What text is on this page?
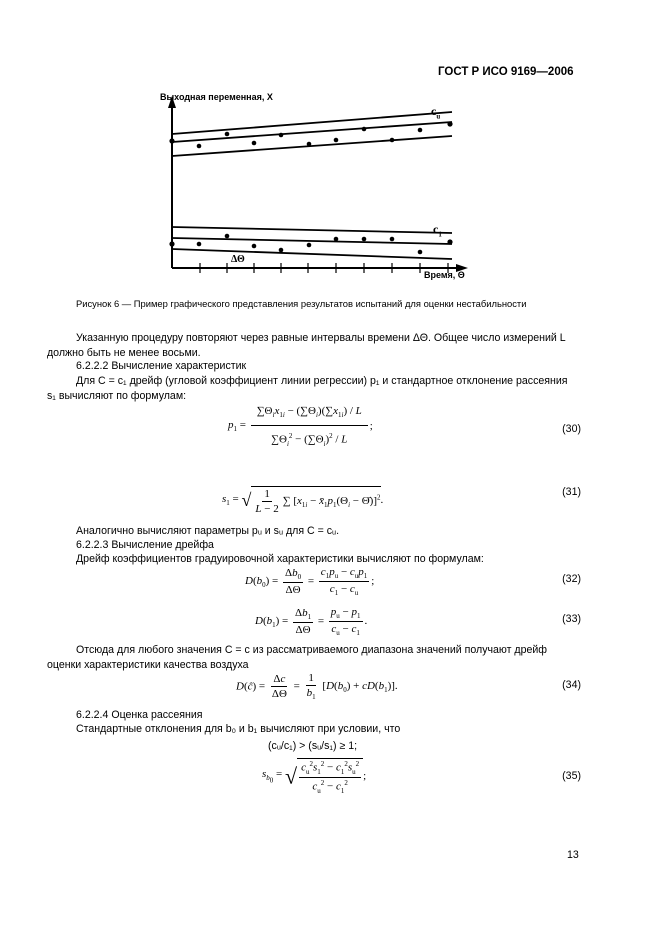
ГОСТ Р ИСО 9169—2006
Выходная переменная, X
$c_u$
$c_1$
ΔΘ
Время, Θ
Рисунок 6 — Пример графического представления результатов испытаний для оценки нестабильности
Указанную процедуру повторяют через равные интервалы времени ΔΘ. Общее число измерений L
должно быть не менее восьми.
6.2.2.2 Вычисление характеристик
Для C = c₁ дрейф (угловой коэффициент линии регрессии) p₁ и стандартное отклонение рассеяния
s₁ вычисляют по формулам:
$p_1 = \frac{\sum\Theta_ix_{1i} - (\sum\Theta_i)(\sum x_{1i}) / L}{\sum\Theta_i^2 - (\sum\Theta_i)^2 / L}$ ;	(30)
$s_1$ = √ $\frac{1}{L - 2}$ ∑ [$x_{1i}$ − $x̄_1p_1(\Theta_i$ − Θ̄)]$^2$.
(31)
Аналогично вычисляют параметры pᵤ и sᵤ для C = cᵤ.
6.2.2.3 Вычисление дрейфа
Дрейф коэффициентов градуировочной характеристики вычисляют по формулам:
$D(b_0) = \frac{\Delta b_0}{\Delta\Theta} = \frac{c_1p_u - c_up_1}{c_1 - c_u}$ ;	(32)
$D(b_1) = \frac{\Delta b_1}{\Delta\Theta} = \frac{p_u - p_1}{c_u - c_1}$ .	(33)
Отсюда для любого значения C = c из рассматриваемого диапазона значений получают дрейф
оценки характеристики качества воздуха
D(ĉ) = $\frac{\Delta c}{\Delta\Theta} = \frac{1}{b_1} [D(b_0) + cD(b_1)]$.	(34)
6.2.2.4 Оценка рассеяния
Стандартные отклонения для b₀ и b₁ вычисляют при условии, что
(cᵤ/c₁) > (sᵤ/s₁) ≥ 1;
$s_{b_0}$ = √ $\frac{c_u^2s_1^2 - c_1^2s_u^2}{c_u^2 - c_1^2}$ ;	(35)
13
